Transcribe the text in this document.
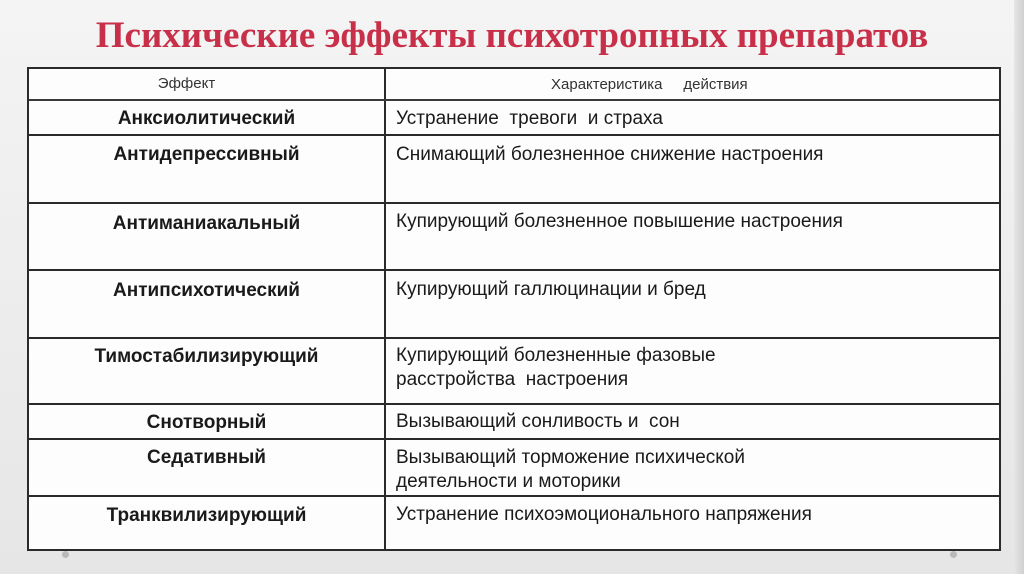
Психические эффекты психотропных препаратов
Эффект	Характеристика     действия
Анксиолитический	Устранение  тревоги  и страха
Антидепрессивный	Снимающий болезненное снижение настроения
Антиманиакальный	Купирующий болезненное повышение настроения
Антипсихотический	Купирующий галлюцинации и бред
Тимостабилизирующий	Купирующий болезненные фазовые
расстройства  настроения
Снотворный	Вызывающий сонливость и  сон
Седативный	Вызывающий торможение психической
деятельности и моторики
Транквилизирующий	Устранение психоэмоционального напряжения
